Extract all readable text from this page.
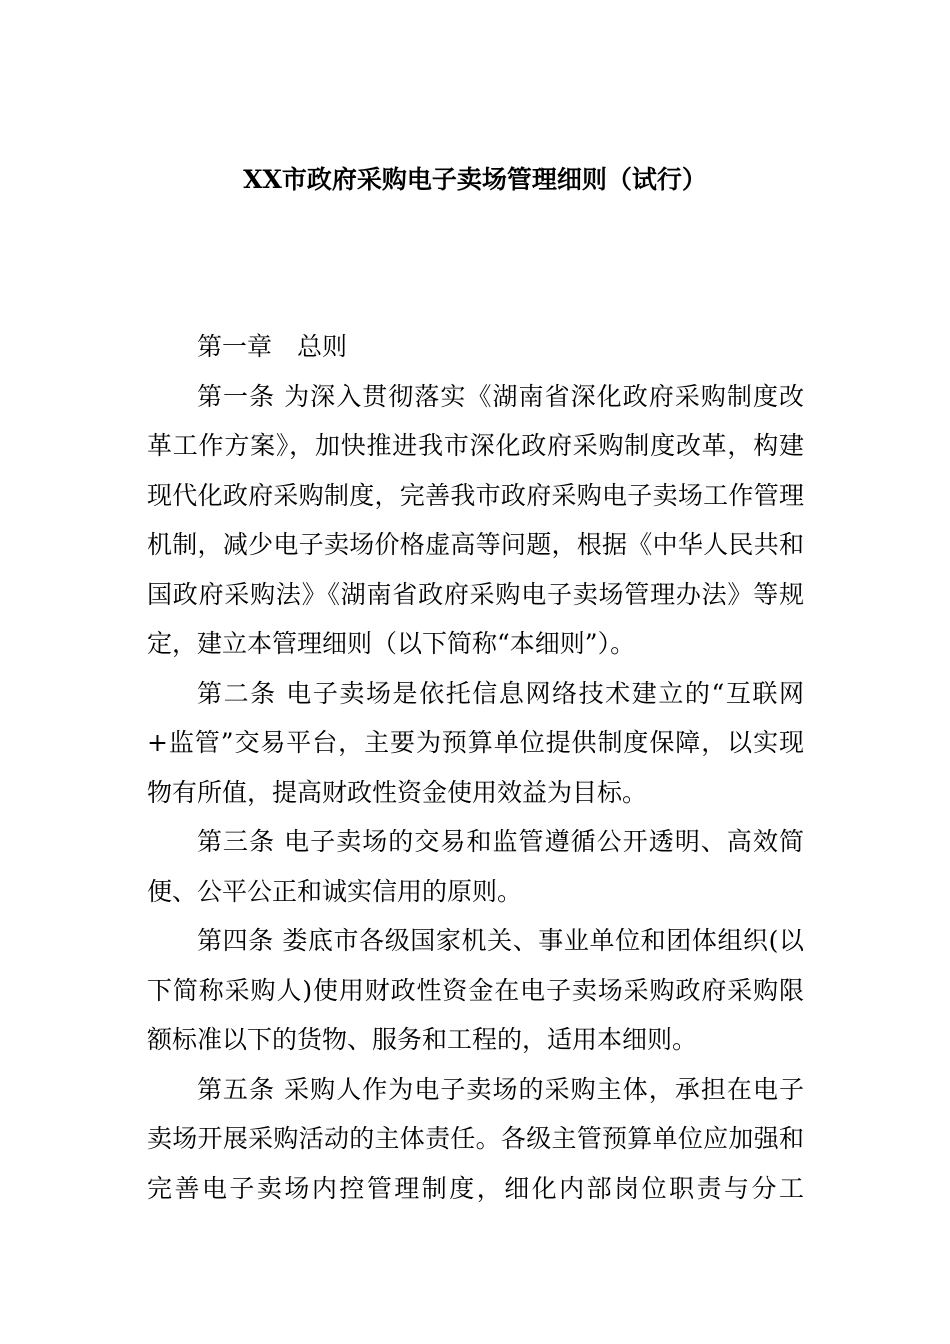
XX市政府采购电子卖场管理细则（试行）

第一章　总则

第一条 为深入贯彻落实《湖南省深化政府采购制度改革工作方案》，加快推进我市深化政府采购制度改革，构建现代化政府采购制度，完善我市政府采购电子卖场工作管理机制，减少电子卖场价格虚高等问题，根据《中华人民共和国政府采购法》《湖南省政府采购电子卖场管理办法》等规定，建立本管理细则（以下简称“本细则”）。

第二条 电子卖场是依托信息网络技术建立的“互联网+监管”交易平台，主要为预算单位提供制度保障，以实现物有所值，提高财政性资金使用效益为目标。

第三条 电子卖场的交易和监管遵循公开透明、高效简便、公平公正和诚实信用的原则。

第四条 娄底市各级国家机关、事业单位和团体组织(以下简称采购人)使用财政性资金在电子卖场采购政府采购限额标准以下的货物、服务和工程的，适用本细则。

第五条 采购人作为电子卖场的采购主体，承担在电子卖场开展采购活动的主体责任。各级主管预算单位应加强和完善电子卖场内控管理制度，细化内部岗位职责与分工
